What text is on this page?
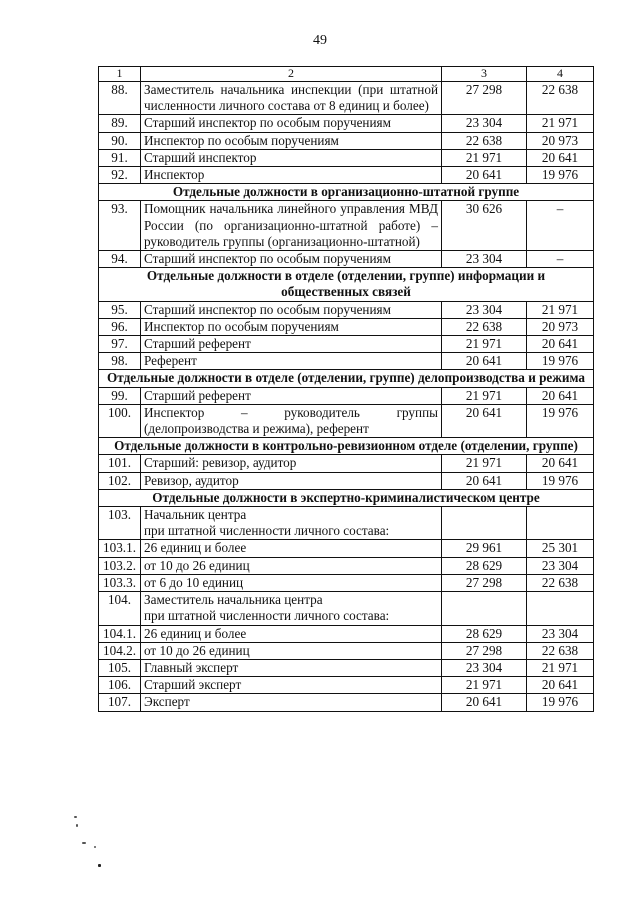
49
1	2	3	4
88.	Заместитель начальника инспекции (при штатной численности личного состава от 8 единиц и более)	27 298	22 638
89.	Старший инспектор по особым поручениям	23 304	21 971
90.	Инспектор по особым поручениям	22 638	20 973
91.	Старший инспектор	21 971	20 641
92.	Инспектор	20 641	19 976
Отдельные должности в организационно-штатной группе			
93.	Помощник начальника линейного управления МВД России (по организационно-штатной работе) – руководитель группы (организационно-штатной)	30 626	–
94.	Старший инспектор по особым поручениям	23 304	–
Отдельные должности в отделе (отделении, группе) информации и общественных связей			
95.	Старший инспектор по особым поручениям	23 304	21 971
96.	Инспектор по особым поручениям	22 638	20 973
97.	Старший референт	21 971	20 641
98.	Референт	20 641	19 976
Отдельные должности в отделе (отделении, группе) делопроизводства и режима			
99.	Старший референт	21 971	20 641
100.	Инспектор – руководитель группы (делопроизводства и режима), референт	20 641	19 976
Отдельные должности в контрольно-ревизионном отделе (отделении, группе)			
101.	Старший: ревизор, аудитор	21 971	20 641
102.	Ревизор, аудитор	20 641	19 976
Отдельные должности в экспертно-криминалистическом центре			
103.	Начальник центра
при штатной численности личного состава:		
103.1.	26 единиц и более	29 961	25 301
103.2.	от 10 до 26 единиц	28 629	23 304
103.3.	от 6 до 10 единиц	27 298	22 638
104.	Заместитель начальника центра
при штатной численности личного состава:		
104.1.	26 единиц и более	28 629	23 304
104.2.	от 10 до 26 единиц	27 298	22 638
105.	Главный эксперт	23 304	21 971
106.	Старший эксперт	21 971	20 641
107.	Эксперт	20 641	19 976
